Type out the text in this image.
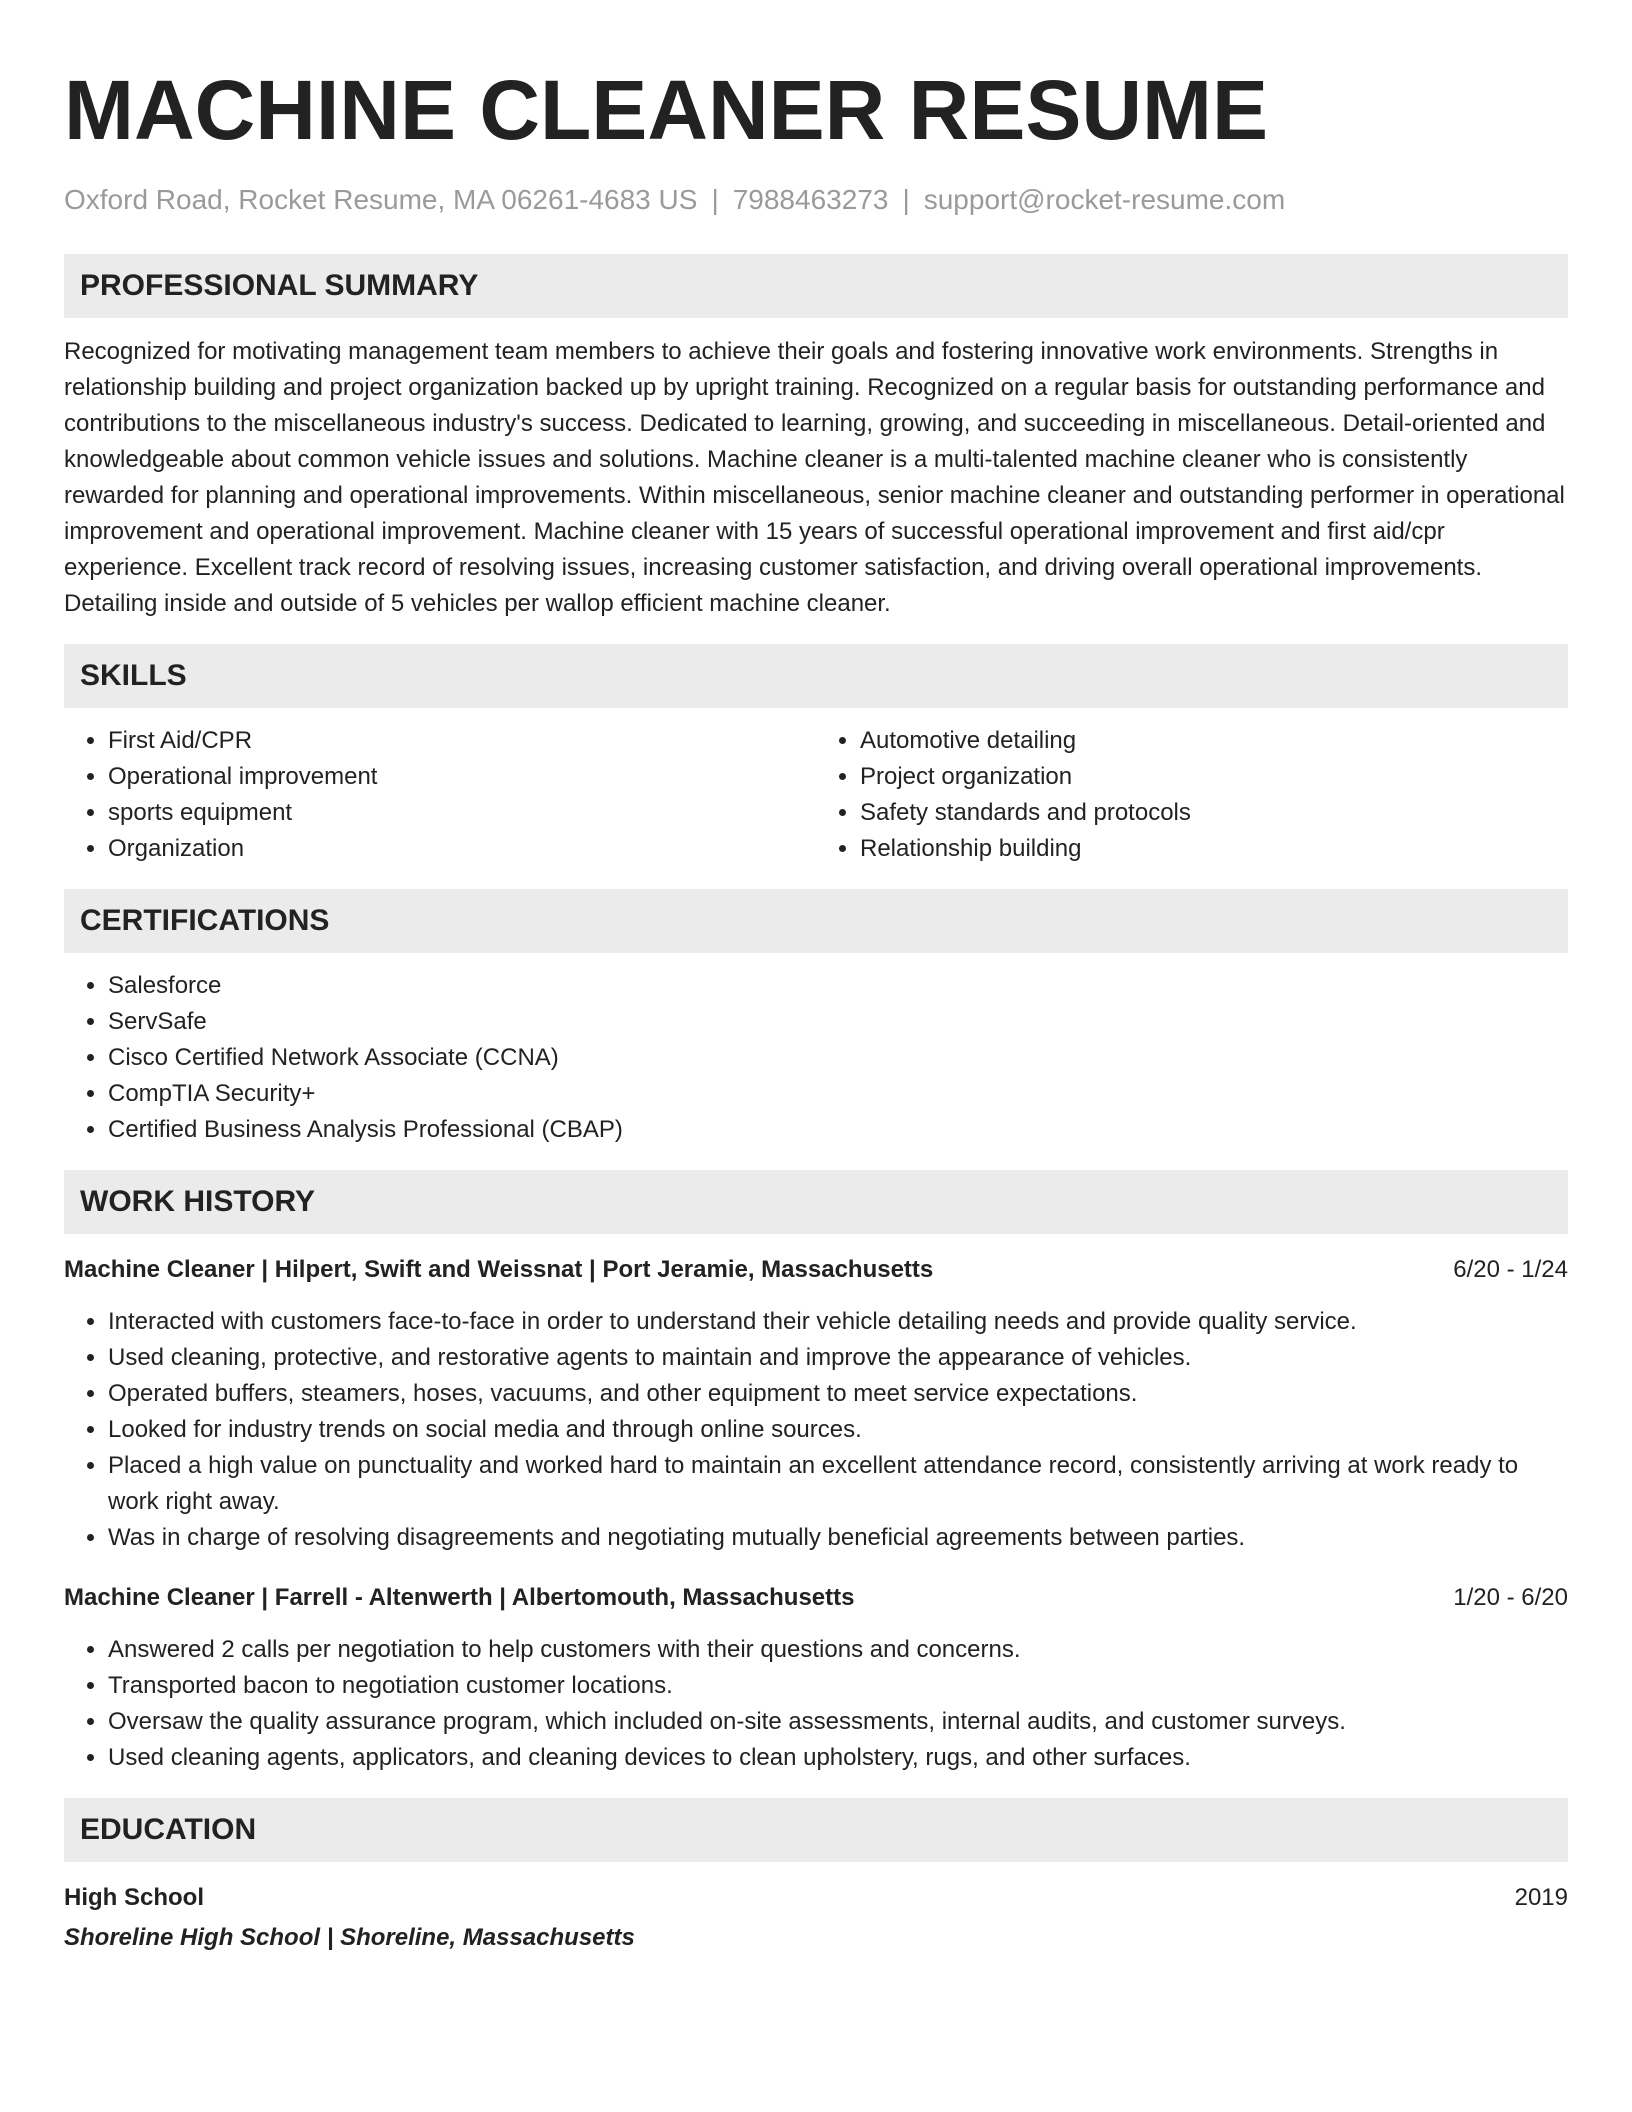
MACHINE CLEANER RESUME
Oxford Road, Rocket Resume, MA 06261-4683 US | 7988463273 | support@rocket-resume.com
PROFESSIONAL SUMMARY

Recognized for motivating management team members to achieve their goals and fostering innovative work environments. Strengths in relationship building and project organization backed up by upright training. Recognized on a regular basis for outstanding performance and contributions to the miscellaneous industry's success. Dedicated to learning, growing, and succeeding in miscellaneous. Detail-oriented and knowledgeable about common vehicle issues and solutions. Machine cleaner is a multi-talented machine cleaner who is consistently rewarded for planning and operational improvements. Within miscellaneous, senior machine cleaner and outstanding performer in operational improvement and operational improvement. Machine cleaner with 15 years of successful operational improvement and first aid/cpr experience. Excellent track record of resolving issues, increasing customer satisfaction, and driving overall operational improvements. Detailing inside and outside of 5 vehicles per wallop efficient machine cleaner.

SKILLS
• First Aid/CPR
• Operational improvement
• sports equipment
• Organization
• Automotive detailing
• Project organization
• Safety standards and protocols
• Relationship building
CERTIFICATIONS
• Salesforce
• ServSafe
• Cisco Certified Network Associate (CCNA)
• CompTIA Security+
• Certified Business Analysis Professional (CBAP)
WORK HISTORY
Machine Cleaner | Hilpert, Swift and Weissnat | Port Jeramie, Massachusetts	6/20 - 1/24
• Interacted with customers face-to-face in order to understand their vehicle detailing needs and provide quality service.
• Used cleaning, protective, and restorative agents to maintain and improve the appearance of vehicles.
• Operated buffers, steamers, hoses, vacuums, and other equipment to meet service expectations.
• Looked for industry trends on social media and through online sources.
• Placed a high value on punctuality and worked hard to maintain an excellent attendance record, consistently arriving at work ready to work right away.
• Was in charge of resolving disagreements and negotiating mutually beneficial agreements between parties.
Machine Cleaner | Farrell - Altenwerth | Albertomouth, Massachusetts	1/20 - 6/20
• Answered 2 calls per negotiation to help customers with their questions and concerns.
• Transported bacon to negotiation customer locations.
• Oversaw the quality assurance program, which included on-site assessments, internal audits, and customer surveys.
• Used cleaning agents, applicators, and cleaning devices to clean upholstery, rugs, and other surfaces.
EDUCATION
High School	2019
Shoreline High School | Shoreline, Massachusetts
